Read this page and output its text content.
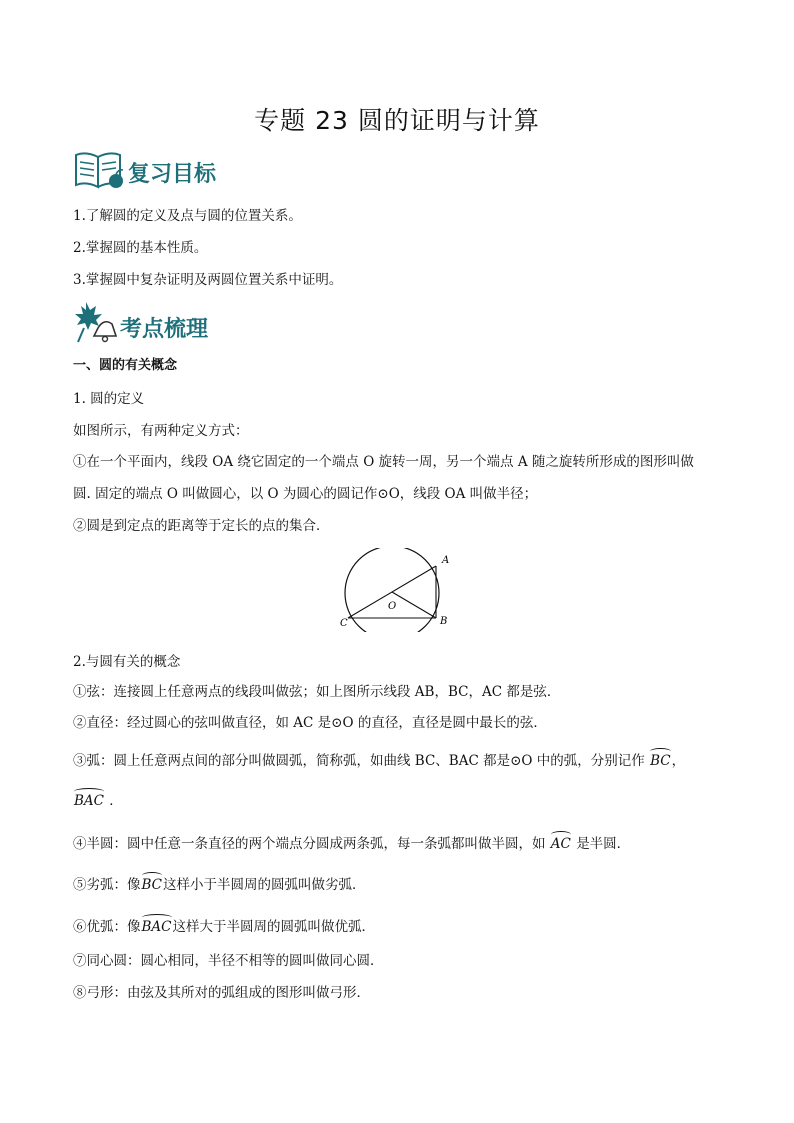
专题 23 圆的证明与计算
复习目标
1.了解圆的定义及点与圆的位置关系。
2.掌握圆的基本性质。
3.掌握圆中复杂证明及两圆位置关系中证明。
考点梳理
一、圆的有关概念
1. 圆的定义
如图所示，有两种定义方式：
①在一个平面内，线段 OA 绕它固定的一个端点 O 旋转一周，另一个端点 A 随之旋转所形成的图形叫做
圆. 固定的端点 O 叫做圆心，以 O 为圆心的圆记作⊙O，线段 OA 叫做半径；
②圆是到定点的距离等于定长的点的集合．
A
B
C
O
2.与圆有关的概念
①弦：连接圆上任意两点的线段叫做弦；如上图所示线段 AB，BC，AC 都是弦．
②直径：经过圆心的弦叫做直径，如 AC 是⊙O 的直径，直径是圆中最长的弦．
③弧：圆上任意两点间的部分叫做圆弧，简称弧，如曲线 BC、BAC 都是⊙O 中的弧，分别记作 BC，
BAC ．
④半圆：圆中任意一条直径的两个端点分圆成两条弧，每一条弧都叫做半圆，如 AC 是半圆．
⑤劣弧：像BC这样小于半圆周的圆弧叫做劣弧．
⑥优弧：像BAC这样大于半圆周的圆弧叫做优弧．
⑦同心圆：圆心相同，半径不相等的圆叫做同心圆．
⑧弓形：由弦及其所对的弧组成的图形叫做弓形．
